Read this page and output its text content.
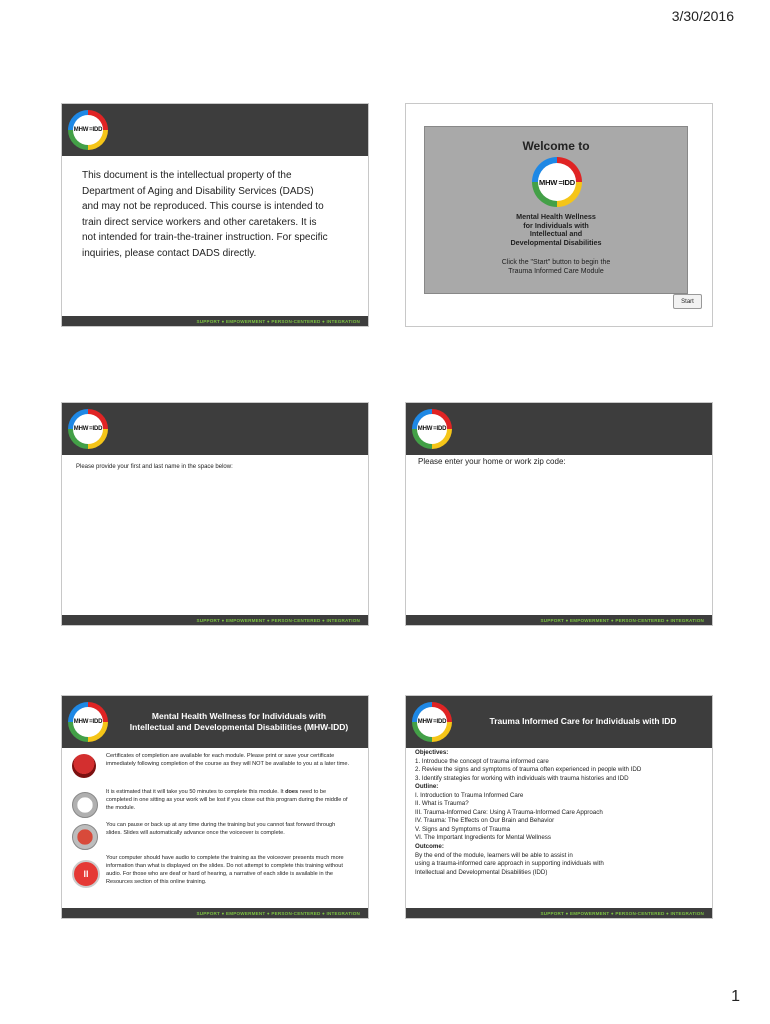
3/30/2016
MHW =IDD
This document is the intellectual property of the Department of Aging and Disability Services (DADS) and may not be reproduced. This course is intended to train direct service workers and other caretakers. It is not intended for train-the-trainer instruction. For specific inquiries, please contact DADS directly.
SUPPORT ● EMPOWERMENT ● PERSON-CENTERED ● INTEGRATION
Welcome to
MHW =IDD
Mental Health Wellness
for Individuals with
Intellectual and
Developmental Disabilities
Click the "Start" button to begin the
Trauma Informed Care Module
Start
MHW =IDD
Please provide your first and last name in the space below:
SUPPORT ● EMPOWERMENT ● PERSON-CENTERED ● INTEGRATION
MHW =IDD
Please enter your home or work zip code:
SUPPORT ● EMPOWERMENT ● PERSON-CENTERED ● INTEGRATION
MHW =IDD
Mental Health Wellness for Individuals with
Intellectual and Developmental Disabilities (MHW-IDD)
Certificates of completion are available for each module. Please print or save your certificate immediately following completion of the course as they will NOT be available to you at a later time.
It is estimated that it will take you 50 minutes to complete this module. It does need to be completed in one sitting as your work will be lost if you close out this program during the middle of the module.
You can pause or back up at any time during the training but you cannot fast forward through slides. Slides will automatically advance once the voiceover is complete.
ll
Your computer should have audio to complete the training as the voiceover presents much more information than what is displayed on the slides. Do not attempt to complete this training without audio. For those who are deaf or hard of hearing, a narrative of each slide is available in the Resources section of this online training.
SUPPORT ● EMPOWERMENT ● PERSON-CENTERED ● INTEGRATION
MHW =IDD	Trauma Informed Care for Individuals with IDD
Objectives:
1. Introduce the concept of trauma informed care
2. Review the signs and symptoms of trauma often experienced in people with IDD
3. Identify strategies for working with individuals with trauma histories and IDD
Outline:
I. Introduction to Trauma Informed Care
II. What is Trauma?
III. Trauma-Informed Care: Using A Trauma-Informed Care Approach
IV. Trauma: The Effects on Our Brain and Behavior
V. Signs and Symptoms of Trauma
VI. The Important Ingredients for Mental Wellness
Outcome:
By the end of the module, learners will be able to assist in
using a trauma-informed care approach in supporting individuals with
Intellectual and Developmental Disabilities (IDD)
SUPPORT ● EMPOWERMENT ● PERSON-CENTERED ● INTEGRATION
1
